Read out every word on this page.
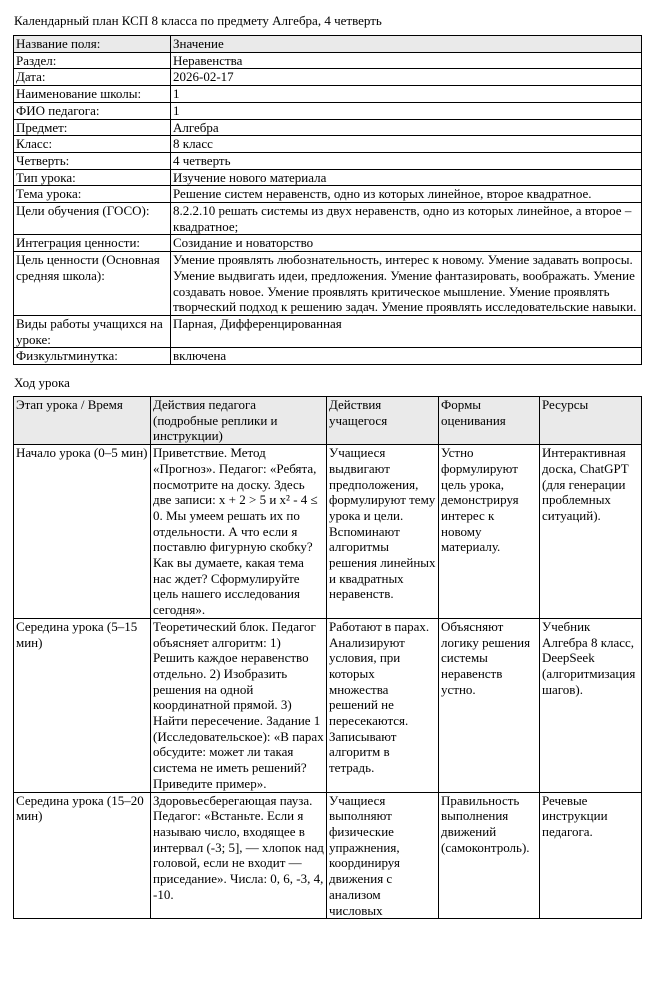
Календарный план КСП 8 класса по предмету Алгебра, 4 четверть
Название поля:	Значение
Раздел:	Неравенства
Дата:	2026-02-17
Наименование школы:	1
ФИО педагога:	1
Предмет:	Алгебра
Класс:	8 класс
Четверть:	4 четверть
Тип урока:	Изучение нового материала
Тема урока:	Решение систем неравенств, одно из которых линейное, второе квадратное.
Цели обучения (ГОСО):	8.2.2.10 решать системы из двух неравенств, одно из которых линейное, а второе – квадратное;
Интеграция ценности:	Созидание и новаторство
Цель ценности (Основная средняя школа):	Умение проявлять любознательность, интерес к новому. Умение задавать вопросы. Умение выдвигать идеи, предложения. Умение фантазировать, воображать. Умение создавать новое. Умение проявлять критическое мышление. Умение проявлять творческий подход к решению задач. Умение проявлять исследовательские навыки.
Виды работы учащихся на уроке:	Парная, Дифференцированная
Физкультминутка:	включена
Ход урока
Этап урока / Время	Действия педагога (подробные реплики и инструкции)	Действия учащегося	Формы оценивания	Ресурсы
Начало урока (0–5 мин)	Приветствие. Метод «Прогноз». Педагог: «Ребята, посмотрите на доску. Здесь две записи: x + 2 > 5 и x² - 4 ≤ 0. Мы умеем решать их по отдельности. А что если я поставлю фигурную скобку? Как вы думаете, какая тема нас ждет? Сформулируйте цель нашего исследования сегодня».	Учащиеся выдвигают предположения, формулируют тему урока и цели. Вспоминают алгоритмы решения линейных и квадратных неравенств.	Устно формулируют цель урока, демонстрируя интерес к новому материалу.	Интерактивная доска, ChatGPT (для генерации проблемных ситуаций).
Середина урока (5–15 мин)	Теоретический блок. Педагог объясняет алгоритм: 1) Решить каждое неравенство отдельно. 2) Изобразить решения на одной координатной прямой. 3) Найти пересечение. Задание 1 (Исследовательское): «В парах обсудите: может ли такая система не иметь решений? Приведите пример».	Работают в парах. Анализируют условия, при которых множества решений не пересекаются. Записывают алгоритм в тетрадь.	Объясняют логику решения системы неравенств устно.	Учебник Алгебра 8 класс, DeepSeek (алгоритмизация шагов).
Середина урока (15–20 мин)	Здоровьесберегающая пауза. Педагог: «Встаньте. Если я называю число, входящее в интервал (-3; 5], — хлопок над головой, если не входит — приседание». Числа: 0, 6, -3, 4, -10.	Учащиеся выполняют физические упражнения, координируя движения с анализом числовых	Правильность выполнения движений (самоконтроль).	Речевые инструкции педагога.
